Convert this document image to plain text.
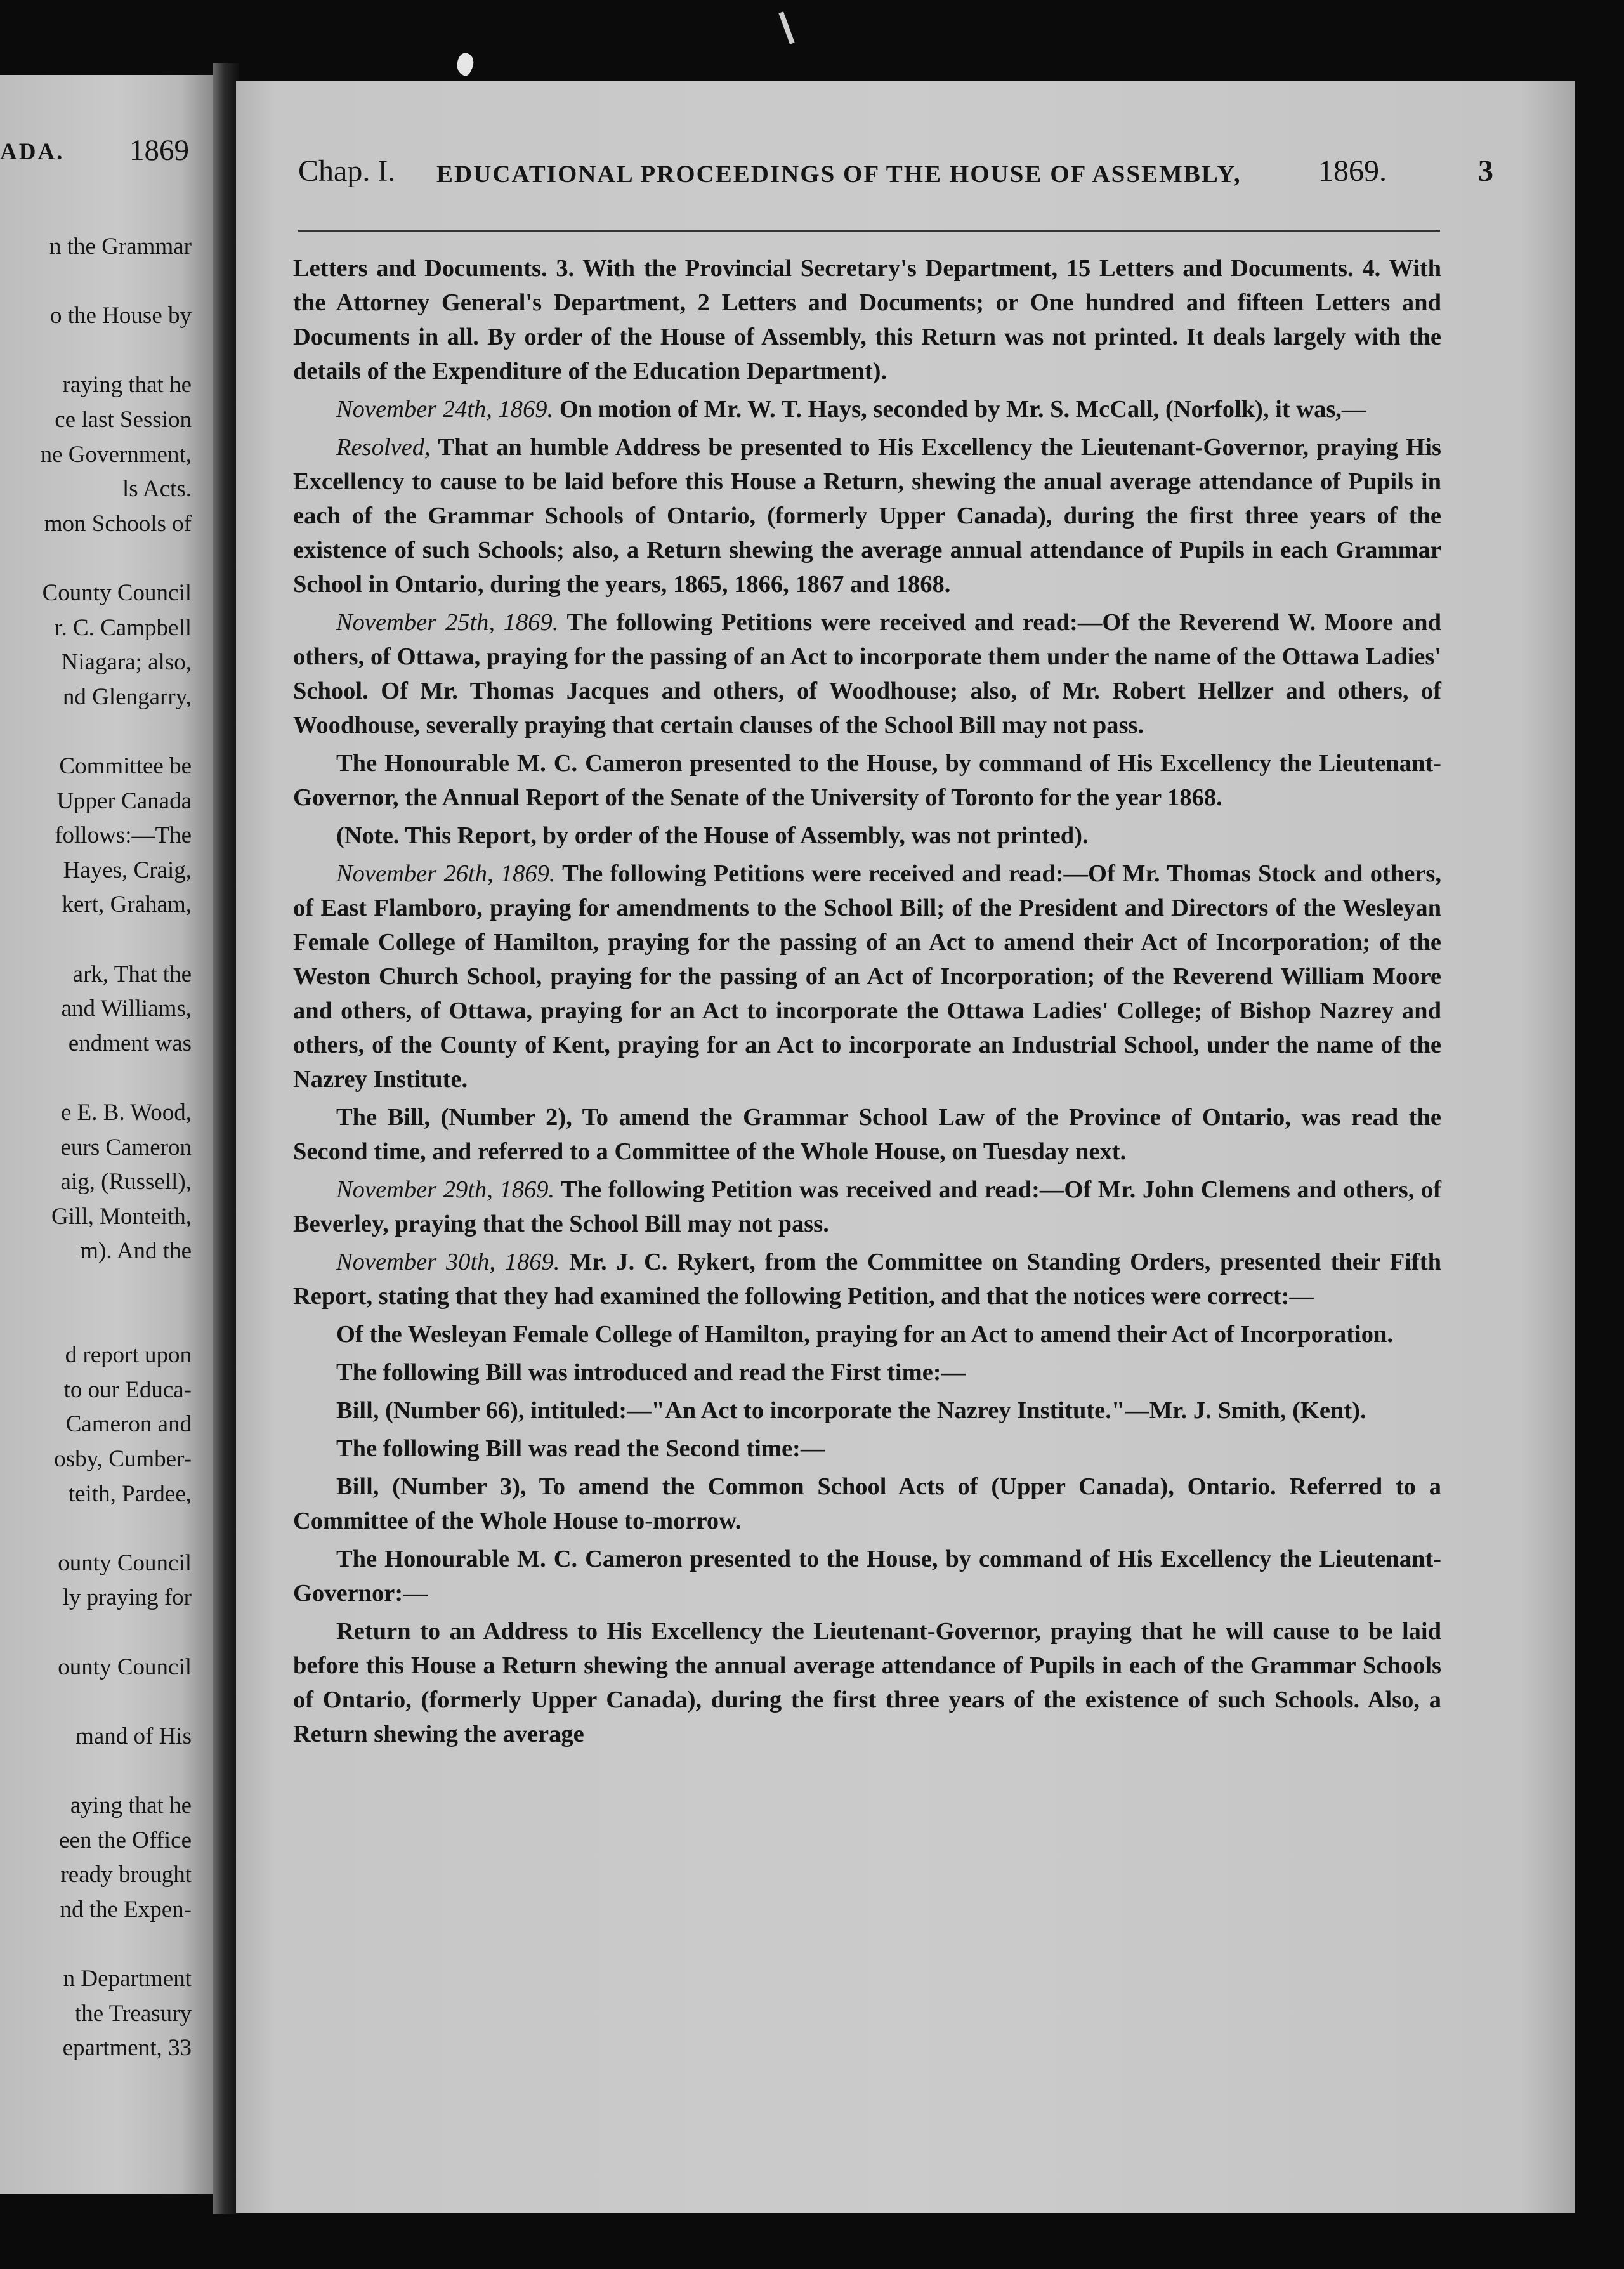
ADA. 1869
n the Grammar
o the House by
raying that he
ce last Session
ne Government,
ls Acts.
mon Schools of
County Council
r. C. Campbell
Niagara; also,
nd Glengarry,
Committee be
Upper Canada
follows:—The
Hayes, Craig,
kert, Graham,
ark, That the
and Williams,
endment was
e E. B. Wood,
eurs Cameron
aig, (Russell),
Gill, Monteith,
m). And the
d report upon
to our Educa-
Cameron and
osby, Cumber-
teith, Pardee,
ounty Council
ly praying for
ounty Council
mand of His
aying that he
een the Office
ready brought
nd the Expen-
n Department
the Treasury
epartment, 33
Chap. I. EDUCATIONAL PROCEEDINGS OF THE HOUSE OF ASSEMBLY,	1869.	3

Letters and Documents. 3. With the Provincial Secretary's Department, 15 Letters and Documents. 4. With the Attorney General's Department, 2 Letters and Documents; or One hundred and fifteen Letters and Documents in all. By order of the House of Assembly, this Return was not printed. It deals largely with the details of the Expenditure of the Education Department).

November 24th, 1869. On motion of Mr. W. T. Hays, seconded by Mr. S. McCall, (Norfolk), it was,—

Resolved, That an humble Address be presented to His Excellency the Lieutenant-Governor, praying His Excellency to cause to be laid before this House a Return, shewing the anual average attendance of Pupils in each of the Grammar Schools of Ontario, (formerly Upper Canada), during the first three years of the existence of such Schools; also, a Return shewing the average annual attendance of Pupils in each Grammar School in Ontario, during the years, 1865, 1866, 1867 and 1868.

November 25th, 1869. The following Petitions were received and read:—Of the Reverend W. Moore and others, of Ottawa, praying for the passing of an Act to incorporate them under the name of the Ottawa Ladies' School. Of Mr. Thomas Jacques and others, of Woodhouse; also, of Mr. Robert Hellzer and others, of Woodhouse, severally praying that certain clauses of the School Bill may not pass.

The Honourable M. C. Cameron presented to the House, by command of His Excellency the Lieutenant-Governor, the Annual Report of the Senate of the University of Toronto for the year 1868.

(Note. This Report, by order of the House of Assembly, was not printed).

November 26th, 1869. The following Petitions were received and read:—Of Mr. Thomas Stock and others, of East Flamboro, praying for amendments to the School Bill; of the President and Directors of the Wesleyan Female College of Hamilton, praying for the passing of an Act to amend their Act of Incorporation; of the Weston Church School, praying for the passing of an Act of Incorporation; of the Reverend William Moore and others, of Ottawa, praying for an Act to incorporate the Ottawa Ladies' College; of Bishop Nazrey and others, of the County of Kent, praying for an Act to incorporate an Industrial School, under the name of the Nazrey Institute.

The Bill, (Number 2), To amend the Grammar School Law of the Province of Ontario, was read the Second time, and referred to a Committee of the Whole House, on Tuesday next.

November 29th, 1869. The following Petition was received and read:—Of Mr. John Clemens and others, of Beverley, praying that the School Bill may not pass.

November 30th, 1869. Mr. J. C. Rykert, from the Committee on Standing Orders, presented their Fifth Report, stating that they had examined the following Petition, and that the notices were correct:—

Of the Wesleyan Female College of Hamilton, praying for an Act to amend their Act of Incorporation.

The following Bill was introduced and read the First time:—

Bill, (Number 66), intituled:—"An Act to incorporate the Nazrey Institute."—Mr. J. Smith, (Kent).

The following Bill was read the Second time:—

Bill, (Number 3), To amend the Common School Acts of (Upper Canada), Ontario. Referred to a Committee of the Whole House to-morrow.

The Honourable M. C. Cameron presented to the House, by command of His Excellency the Lieutenant-Governor:—

Return to an Address to His Excellency the Lieutenant-Governor, praying that he will cause to be laid before this House a Return shewing the annual average attendance of Pupils in each of the Grammar Schools of Ontario, (formerly Upper Canada), during the first three years of the existence of such Schools. Also, a Return shewing the average
